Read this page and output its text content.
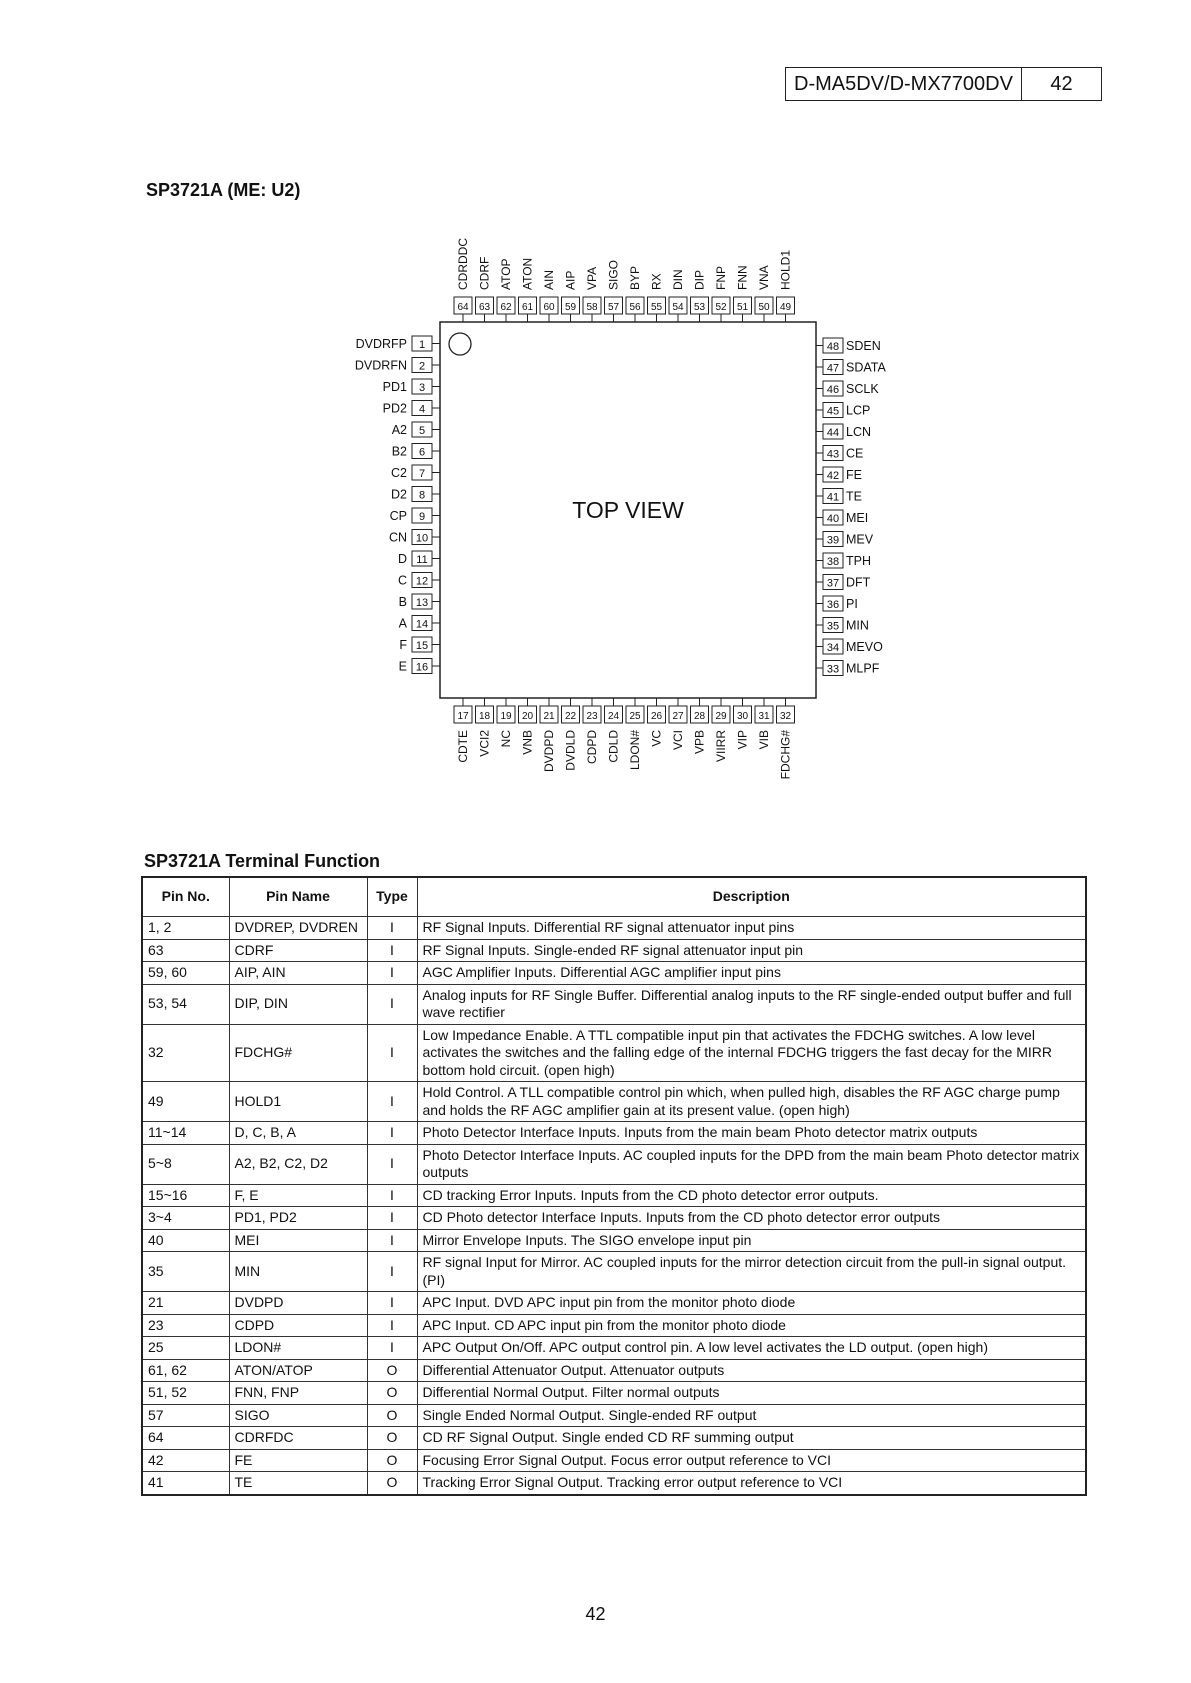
D-MA5DV/D-MX7700DV	42
SP3721A (ME: U2)
TOP VIEW
1
DVDRFP
2
DVDRFN
3
PD1
4
PD2
5
A2
6
B2
7
C2
8
D2
9
CP
10
CN
11
D
12
C
13
B
14
A
15
F
16
E
48 SDEN
47 SDATA
46 SCLK
45 LCP
44 LCN
43 CE
42 FE
41 TE
40 MEI
39 MEV
38 TPH
37 DFT
36 PI
35 MIN
34 MEVO
33 MLPF
64
CDRDDC
63
CDRF
62
ATOP
61
ATON
60
AIN
59
AIP
58
VPA
57
SIGO
56
BYP
55
RX
54
DIN
53
DIP
52
FNP
51
FNN
50
VNA
49
HOLD1
17
CDTE
18
VCI2
19
NC
20
VNB
21
DVDPD
22
DVDLD
23
CDPD
24
CDLD
25
LDON#
26
VC
27
VCI
28
VPB
29
VIIRR
30
VIP
31
VIB
32
FDCHG#
SP3721A Terminal Function
Pin No.	Pin Name	Type	Description
1, 2	DVDREP, DVDREN	I	RF Signal Inputs. Differential RF signal attenuator input pins
63	CDRF	I	RF Signal Inputs. Single-ended RF signal attenuator input pin
59, 60	AIP, AIN	I	AGC Amplifier Inputs. Differential AGC amplifier input pins
53, 54	DIP, DIN	I	Analog inputs for RF Single Buffer. Differential analog inputs to the RF single-ended output buffer and full wave rectifier
32	FDCHG#	I	Low Impedance Enable. A TTL compatible input pin that activates the FDCHG switches. A low level activates the switches and the falling edge of the internal FDCHG triggers the fast decay for the MIRR bottom hold circuit. (open high)
49	HOLD1	I	Hold Control. A TLL compatible control pin which, when pulled high, disables the RF AGC charge pump and holds the RF AGC amplifier gain at its present value. (open high)
11~14	D, C, B, A	I	Photo Detector Interface Inputs. Inputs from the main beam Photo detector matrix outputs
5~8	A2, B2, C2, D2	I	Photo Detector Interface Inputs. AC coupled inputs for the DPD from the main beam Photo detector matrix outputs
15~16	F, E	I	CD tracking Error Inputs. Inputs from the CD photo detector error outputs.
3~4	PD1, PD2	I	CD Photo detector Interface Inputs. Inputs from the CD photo detector error outputs
40	MEI	I	Mirror Envelope Inputs. The SIGO envelope input pin
35	MIN	I	RF signal Input for Mirror. AC coupled inputs for the mirror detection circuit from the pull-in signal output. (PI)
21	DVDPD	I	APC Input. DVD APC input pin from the monitor photo diode
23	CDPD	I	APC Input. CD APC input pin from the monitor photo diode
25	LDON#	I	APC Output On/Off. APC output control pin. A low level activates the LD output. (open high)
61, 62	ATON/ATOP	O	Differential Attenuator Output. Attenuator outputs
51, 52	FNN, FNP	O	Differential Normal Output. Filter normal outputs
57	SIGO	O	Single Ended Normal Output. Single-ended RF output
64	CDRFDC	O	CD RF Signal Output. Single ended CD RF summing output
42	FE	O	Focusing Error Signal Output. Focus error output reference to VCI
41	TE	O	Tracking Error Signal Output. Tracking error output reference to VCI
42
